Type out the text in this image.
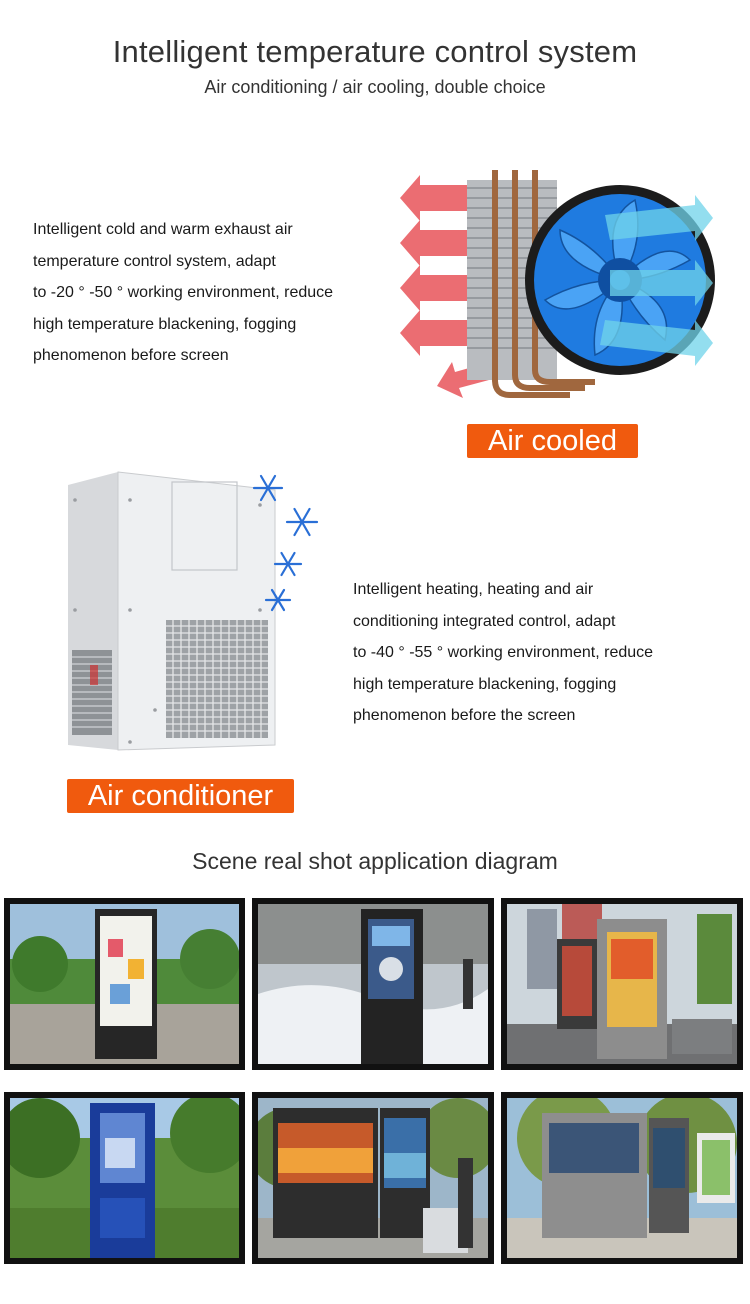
Intelligent temperature control system
Air conditioning / air cooling, double choice

Intelligent cold and warm exhaust air

temperature control system, adapt

to -20 ° -50 ° working environment, reduce

high temperature blackening, fogging

phenomenon before screen

Air cooled

Intelligent heating, heating and air

conditioning integrated control, adapt

to -40 ° -55 ° working environment, reduce

high temperature blackening, fogging

phenomenon before the screen

Air conditioner
Scene real shot application diagram
